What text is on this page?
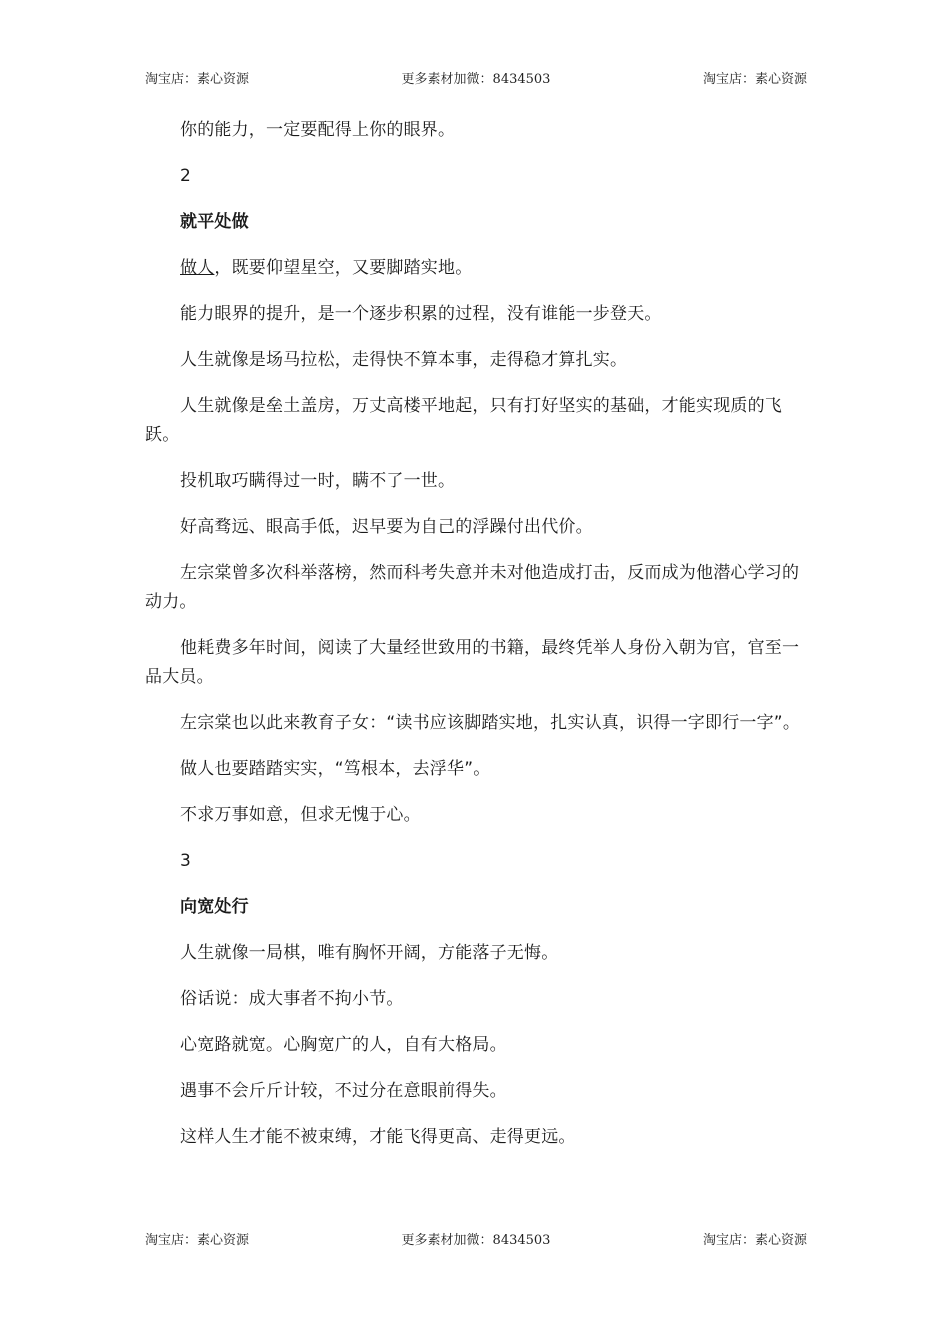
淘宝店：素心资源	更多素材加微：8434503	淘宝店：素心资源

你的能力，一定要配得上你的眼界。

2

就平处做

做人，既要仰望星空，又要脚踏实地。

能力眼界的提升，是一个逐步积累的过程，没有谁能一步登天。

人生就像是场马拉松，走得快不算本事，走得稳才算扎实。

人生就像是垒土盖房，万丈高楼平地起，只有打好坚实的基础，才能实现质的飞跃。

投机取巧瞒得过一时，瞒不了一世。

好高骛远、眼高手低，迟早要为自己的浮躁付出代价。

左宗棠曾多次科举落榜，然而科考失意并未对他造成打击，反而成为他潜心学习的动力。

他耗费多年时间，阅读了大量经世致用的书籍，最终凭举人身份入朝为官，官至一品大员。

左宗棠也以此来教育子女：“读书应该脚踏实地，扎实认真，识得一字即行一字”。

做人也要踏踏实实，“笃根本，去浮华”。

不求万事如意，但求无愧于心。

3

向宽处行

人生就像一局棋，唯有胸怀开阔，方能落子无悔。

俗话说：成大事者不拘小节。

心宽路就宽。心胸宽广的人，自有大格局。

遇事不会斤斤计较，不过分在意眼前得失。

这样人生才能不被束缚，才能飞得更高、走得更远。

淘宝店：素心资源	更多素材加微：8434503	淘宝店：素心资源
